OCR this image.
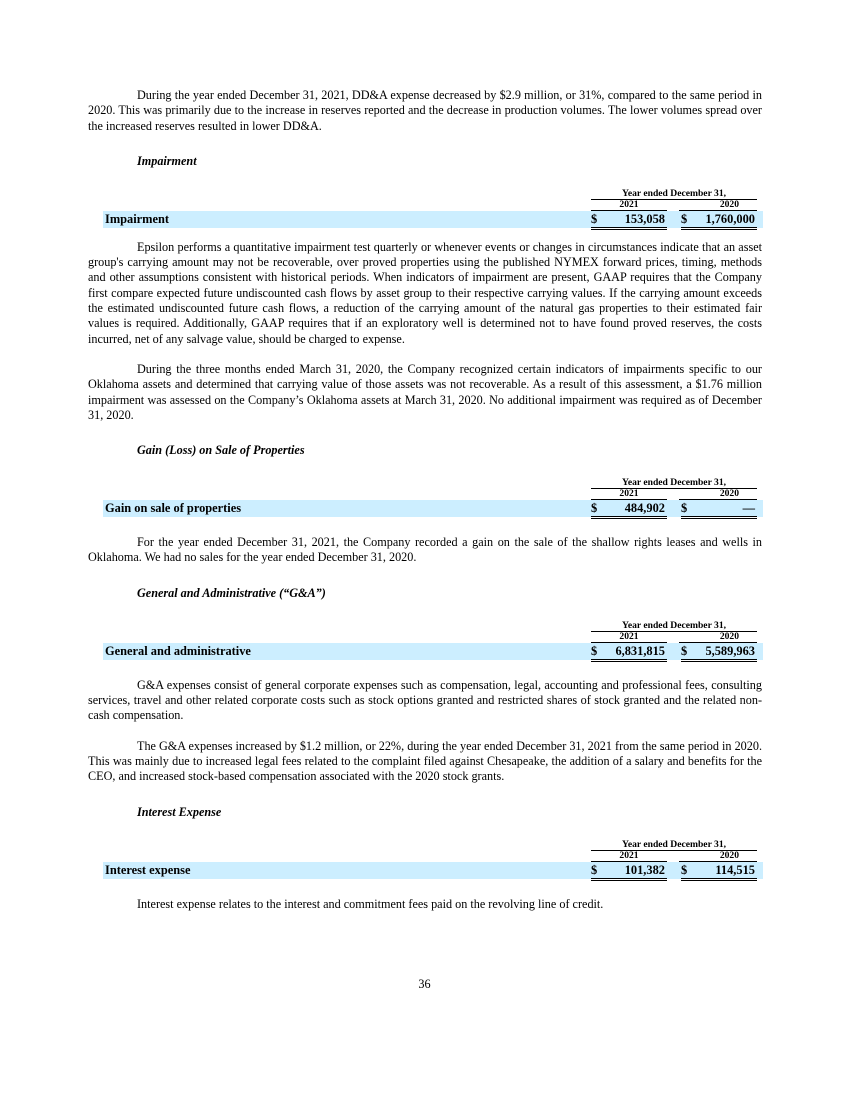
During the year ended December 31, 2021, DD&A expense decreased by $2.9 million, or 31%, compared to the same period in 2020. This was primarily due to the increase in reserves reported and the decrease in production volumes. The lower volumes spread over the increased reserves resulted in lower DD&A.

Impairment
Year ended December 31,
2021	2020
Impairment	$ 153,058 $ 1,760,000

Epsilon performs a quantitative impairment test quarterly or whenever events or changes in circumstances indicate that an asset group's carrying amount may not be recoverable, over proved properties using the published NYMEX forward prices, timing, methods and other assumptions consistent with historical periods. When indicators of impairment are present, GAAP requires that the Company first compare expected future undiscounted cash flows by asset group to their respective carrying values. If the carrying amount exceeds the estimated undiscounted future cash flows, a reduction of the carrying amount of the natural gas properties to their estimated fair values is required. Additionally, GAAP requires that if an exploratory well is determined not to have found proved reserves, the costs incurred, net of any salvage value, should be charged to expense.

During the three months ended March 31, 2020, the Company recognized certain indicators of impairments specific to our Oklahoma assets and determined that carrying value of those assets was not recoverable. As a result of this assessment, a $1.76 million impairment was assessed on the Company’s Oklahoma assets at March 31, 2020. No additional impairment was required as of December 31, 2020.

Gain (Loss) on Sale of Properties
Year ended December 31,
2021	2020
Gain on sale of properties	$ 484,902 $	—

For the year ended December 31, 2021, the Company recorded a gain on the sale of the shallow rights leases and wells in Oklahoma. We had no sales for the year ended December 31, 2020.

General and Administrative (“G&A”)
Year ended December 31,
2021	2020
General and administrative	$ 6,831,815 $ 5,589,963

G&A expenses consist of general corporate expenses such as compensation, legal, accounting and professional fees, consulting services, travel and other related corporate costs such as stock options granted and restricted shares of stock granted and the related non-cash compensation.

The G&A expenses increased by $1.2 million, or 22%, during the year ended December 31, 2021 from the same period in 2020. This was mainly due to increased legal fees related to the complaint filed against Chesapeake, the addition of a salary and benefits for the CEO, and increased stock-based compensation associated with the 2020 stock grants.

Interest Expense
Year ended December 31,
2021	2020
Interest expense	$ 101,382 $ 114,515

Interest expense relates to the interest and commitment fees paid on the revolving line of credit.

36
